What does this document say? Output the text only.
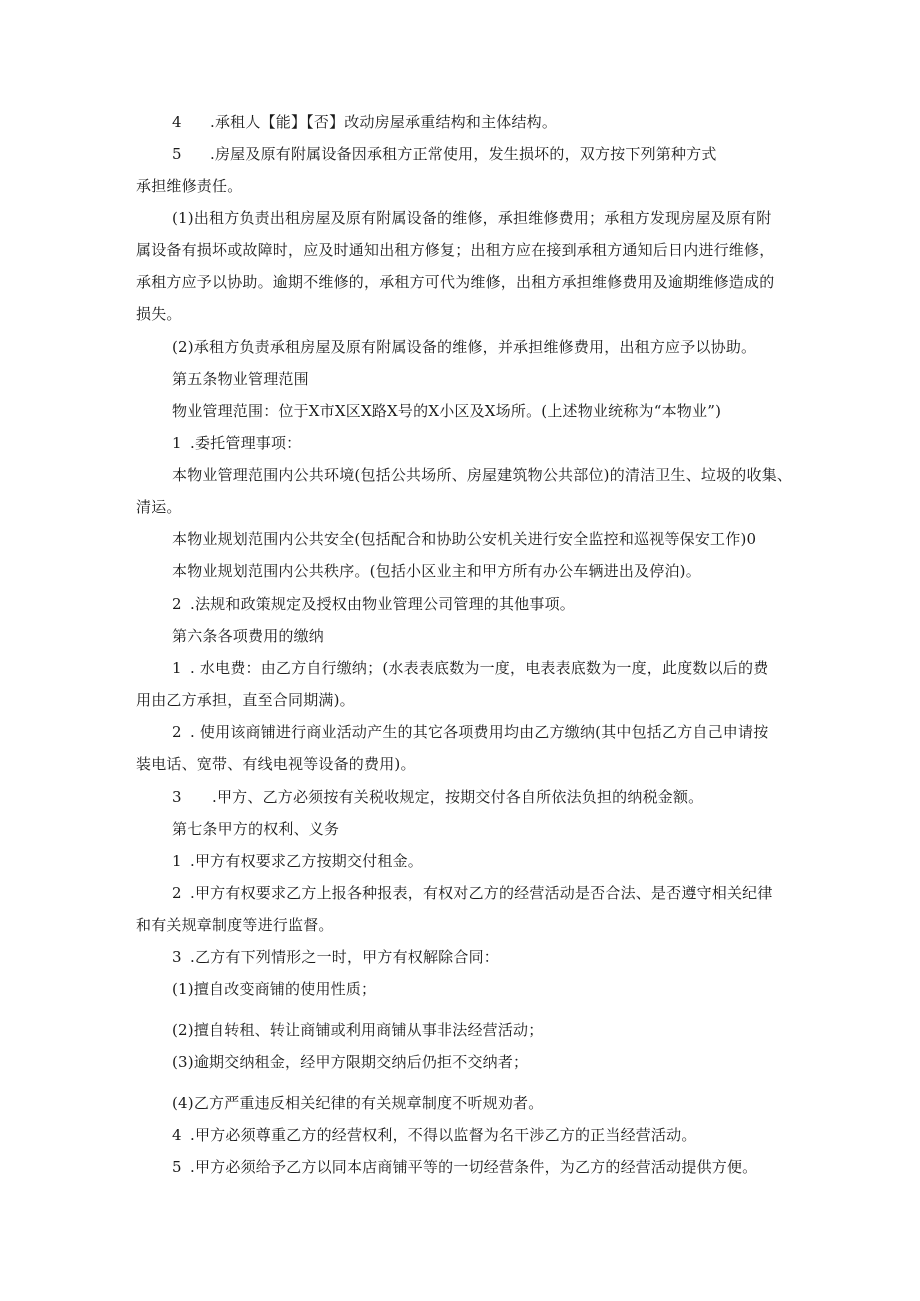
4 .承租人【能】【否】改动房屋承重结构和主体结构。
5 .房屋及原有附属设备因承租方正常使用，发生损坏的，双方按下列第种方式
承担维修责任。
(1)出租方负责出租房屋及原有附属设备的维修，承担维修费用；承租方发现房屋及原有附
属设备有损坏或故障时，应及时通知出租方修复；出租方应在接到承租方通知后日内进行维修，
承租方应予以协助。逾期不维修的，承租方可代为维修，出租方承担维修费用及逾期维修造成的
损失。
(2)承租方负责承租房屋及原有附属设备的维修，并承担维修费用，出租方应予以协助。
第五条物业管理范围
物业管理范围：位于X市X区X路X号的X小区及X场所。(上述物业统称为“本物业”)
1 .委托管理事项：
本物业管理范围内公共环境(包括公共场所、房屋建筑物公共部位)的清洁卫生、垃圾的收集、
清运。
本物业规划范围内公共安全(包括配合和协助公安机关进行安全监控和巡视等保安工作)0
本物业规划范围内公共秩序。(包括小区业主和甲方所有办公车辆进出及停泊)。
2 .法规和政策规定及授权由物业管理公司管理的其他事项。
第六条各项费用的缴纳
1 . 水电费：由乙方自行缴纳；(水表表底数为一度，电表表底数为一度，此度数以后的费
用由乙方承担，直至合同期满)。
2 . 使用该商铺进行商业活动产生的其它各项费用均由乙方缴纳(其中包括乙方自己申请按
装电话、宽带、有线电视等设备的费用)。
3 .甲方、乙方必须按有关税收规定，按期交付各自所依法负担的纳税金额。
第七条甲方的权利、义务
1 .甲方有权要求乙方按期交付租金。
2 .甲方有权要求乙方上报各种报表，有权对乙方的经营活动是否合法、是否遵守相关纪律
和有关规章制度等进行监督。
3 .乙方有下列情形之一时，甲方有权解除合同：
(1)擅自改变商铺的使用性质；
(2)擅自转租、转让商铺或利用商铺从事非法经营活动；
(3)逾期交纳租金，经甲方限期交纳后仍拒不交纳者；
(4)乙方严重违反相关纪律的有关规章制度不听规劝者。
4 .甲方必须尊重乙方的经营权利，不得以监督为名干涉乙方的正当经营活动。
5 .甲方必须给予乙方以同本店商铺平等的一切经营条件，为乙方的经营活动提供方便。
